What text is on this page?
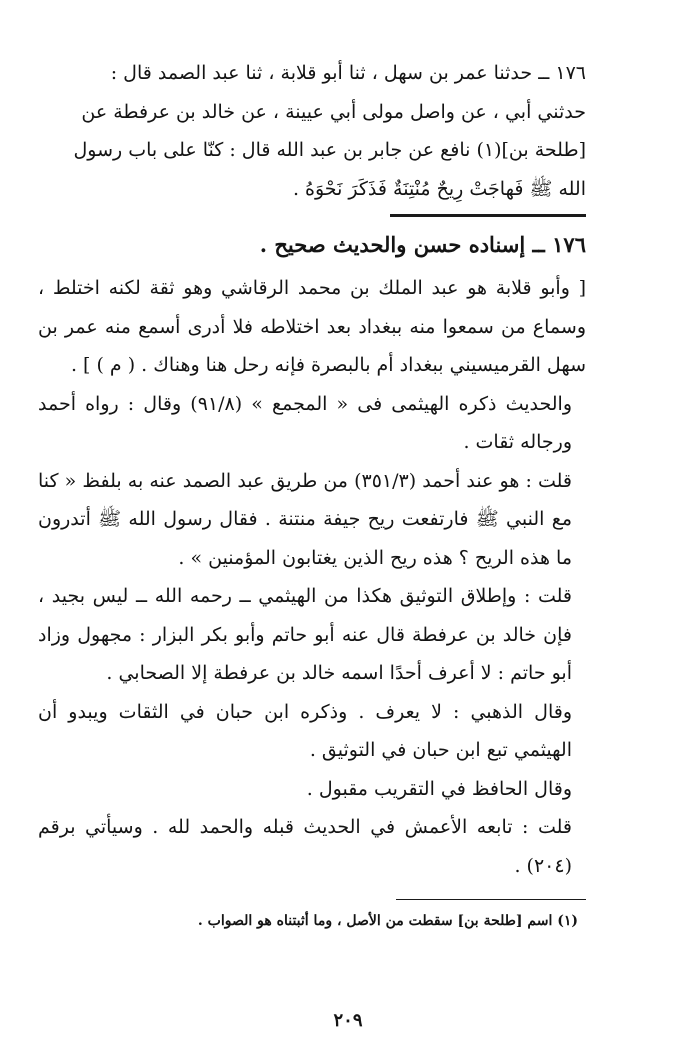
١٧٦ ــ حدثنا عمر بن سهل ، ثنا أبو قلابة ، ثنا عبد الصمد قال :

حدثني أبي ، عن واصل مولى أبي عيينة ، عن خالد بن عرفطة عن

[طلحة بن](١) نافع عن جابر بن عبد الله قال : كنّا على باب رسول

الله ﷺ فَهاجَتْ رِيحٌ مُنْتِنَةٌ فَذَكَرَ نَحْوَهُ .

١٧٦ ــ إسناده حسن والحديث صحيح .

[ وأبو قلابة هو عبد الملك بن محمد الرقاشي وهو ثقة لكنه اختلط ، وسماع من سمعوا منه ببغداد بعد اختلاطه فلا أدرى أسمع منه عمر بن سهل القرميسيني ببغداد أم بالبصرة فإنه رحل هنا وهناك . ( م ) ] .

والحديث ذكره الهيثمى فى « المجمع » (٩١/٨) وقال : رواه أحمد ورجاله ثقات .

قلت : هو عند أحمد (٣٥١/٣) من طريق عبد الصمد عنه به بلفظ « كنا مع النبي ﷺ فارتفعت ريح جيفة منتنة . فقال رسول الله ﷺ أتدرون ما هذه الريح ؟ هذه ريح الذين يغتابون المؤمنين » .

قلت : وإطلاق التوثيق هكذا من الهيثمي ــ رحمه الله ــ ليس بجيد ، فإن خالد بن عرفطة قال عنه أبو حاتم وأبو بكر البزار : مجهول وزاد أبو حاتم : لا أعرف أحدًا اسمه خالد بن عرفطة إلا الصحابي .

وقال الذهبي : لا يعرف . وذكره ابن حبان في الثقات ويبدو أن الهيثمي تبع ابن حبان في التوثيق .

وقال الحافظ في التقريب مقبول .

قلت : تابعه الأعمش في الحديث قبله والحمد لله . وسيأتي برقم (٢٠٤) .

(١) اسم [طلحة بن] سقطت من الأصل ، وما أثبتناه هو الصواب .

٢٠٩
